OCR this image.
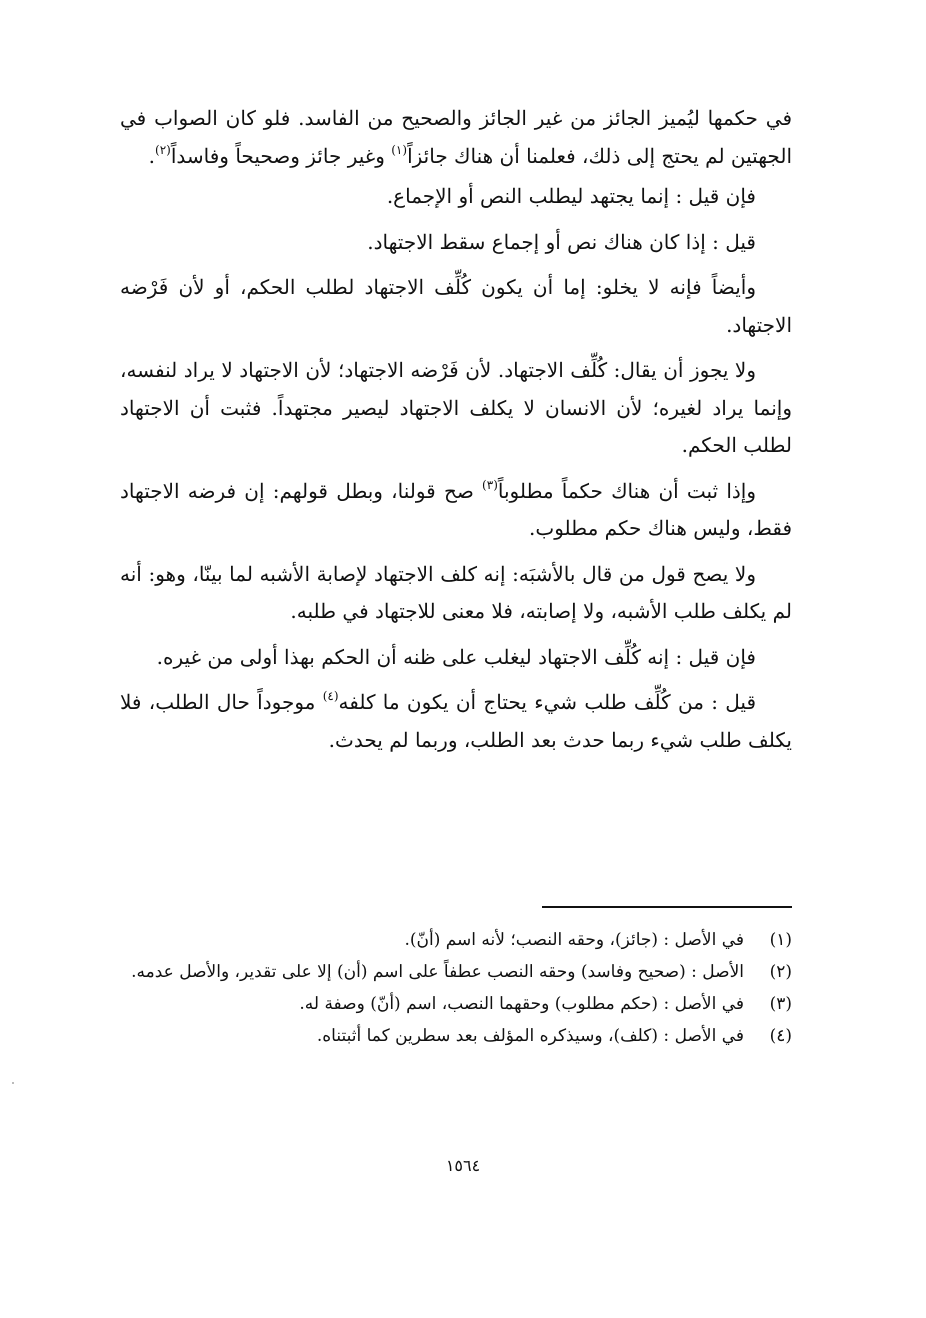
في حكمها ليُميز الجائز من غير الجائز والصحيح من الفاسد. فلو كان الصواب في الجهتين لم يحتج إلى ذلك، فعلمنا أن هناك جائزاً$^{(١)}$ وغير جائز وصحيحاً وفاسداً$^{(٢)}$.

فإن قيل : إنما يجتهد ليطلب النص أو الإجماع.

قيل : إذا كان هناك نص أو إجماع سقط الاجتهاد.

وأيضاً فإنه لا يخلو: إما أن يكون كُلِّف الاجتهاد لطلب الحكم، أو لأن فَرْضه الاجتهاد.

ولا يجوز أن يقال: كُلِّف الاجتهاد. لأن فَرْضه الاجتهاد؛ لأن الاجتهاد لا يراد لنفسه، وإنما يراد لغيره؛ لأن الانسان لا يكلف الاجتهاد ليصير مجتهداً. فثبت أن الاجتهاد لطلب الحكم.

وإذا ثبت أن هناك حكماً مطلوباً$^{(٣)}$ صح قولنا، وبطل قولهم: إن فرضه الاجتهاد فقط، وليس هناك حكم مطلوب.

ولا يصح قول من قال بالأشبَه: إنه كلف الاجتهاد لإصابة الأشبه لما بينّا، وهو: أنه لم يكلف طلب الأشبه، ولا إصابته، فلا معنى للاجتهاد في طلبه.

فإن قيل : إنه كُلِّف الاجتهاد ليغلب على ظنه أن الحكم بهذا أولى من غيره.

قيل : من كُلِّف طلب شيء يحتاج أن يكون ما كلفه$^{(٤)}$ موجوداً حال الطلب، فلا يكلف طلب شيء ربما حدث بعد الطلب، وربما لم يحدث.

(١)
في الأصل : (جائز)، وحقه النصب؛ لأنه اسم (أنّ).
(٢)
الأصل : (صحيح وفاسد) وحقه النصب عطفاً على اسم (أن) إلا على تقدير، والأصل عدمه.
(٣)
في الأصل : (حكم مطلوب) وحقهما النصب، اسم (أنّ) وصفة له.
(٤)
في الأصل : (كلف)، وسيذكره المؤلف بعد سطرين كما أثبتناه.
١٥٦٤
